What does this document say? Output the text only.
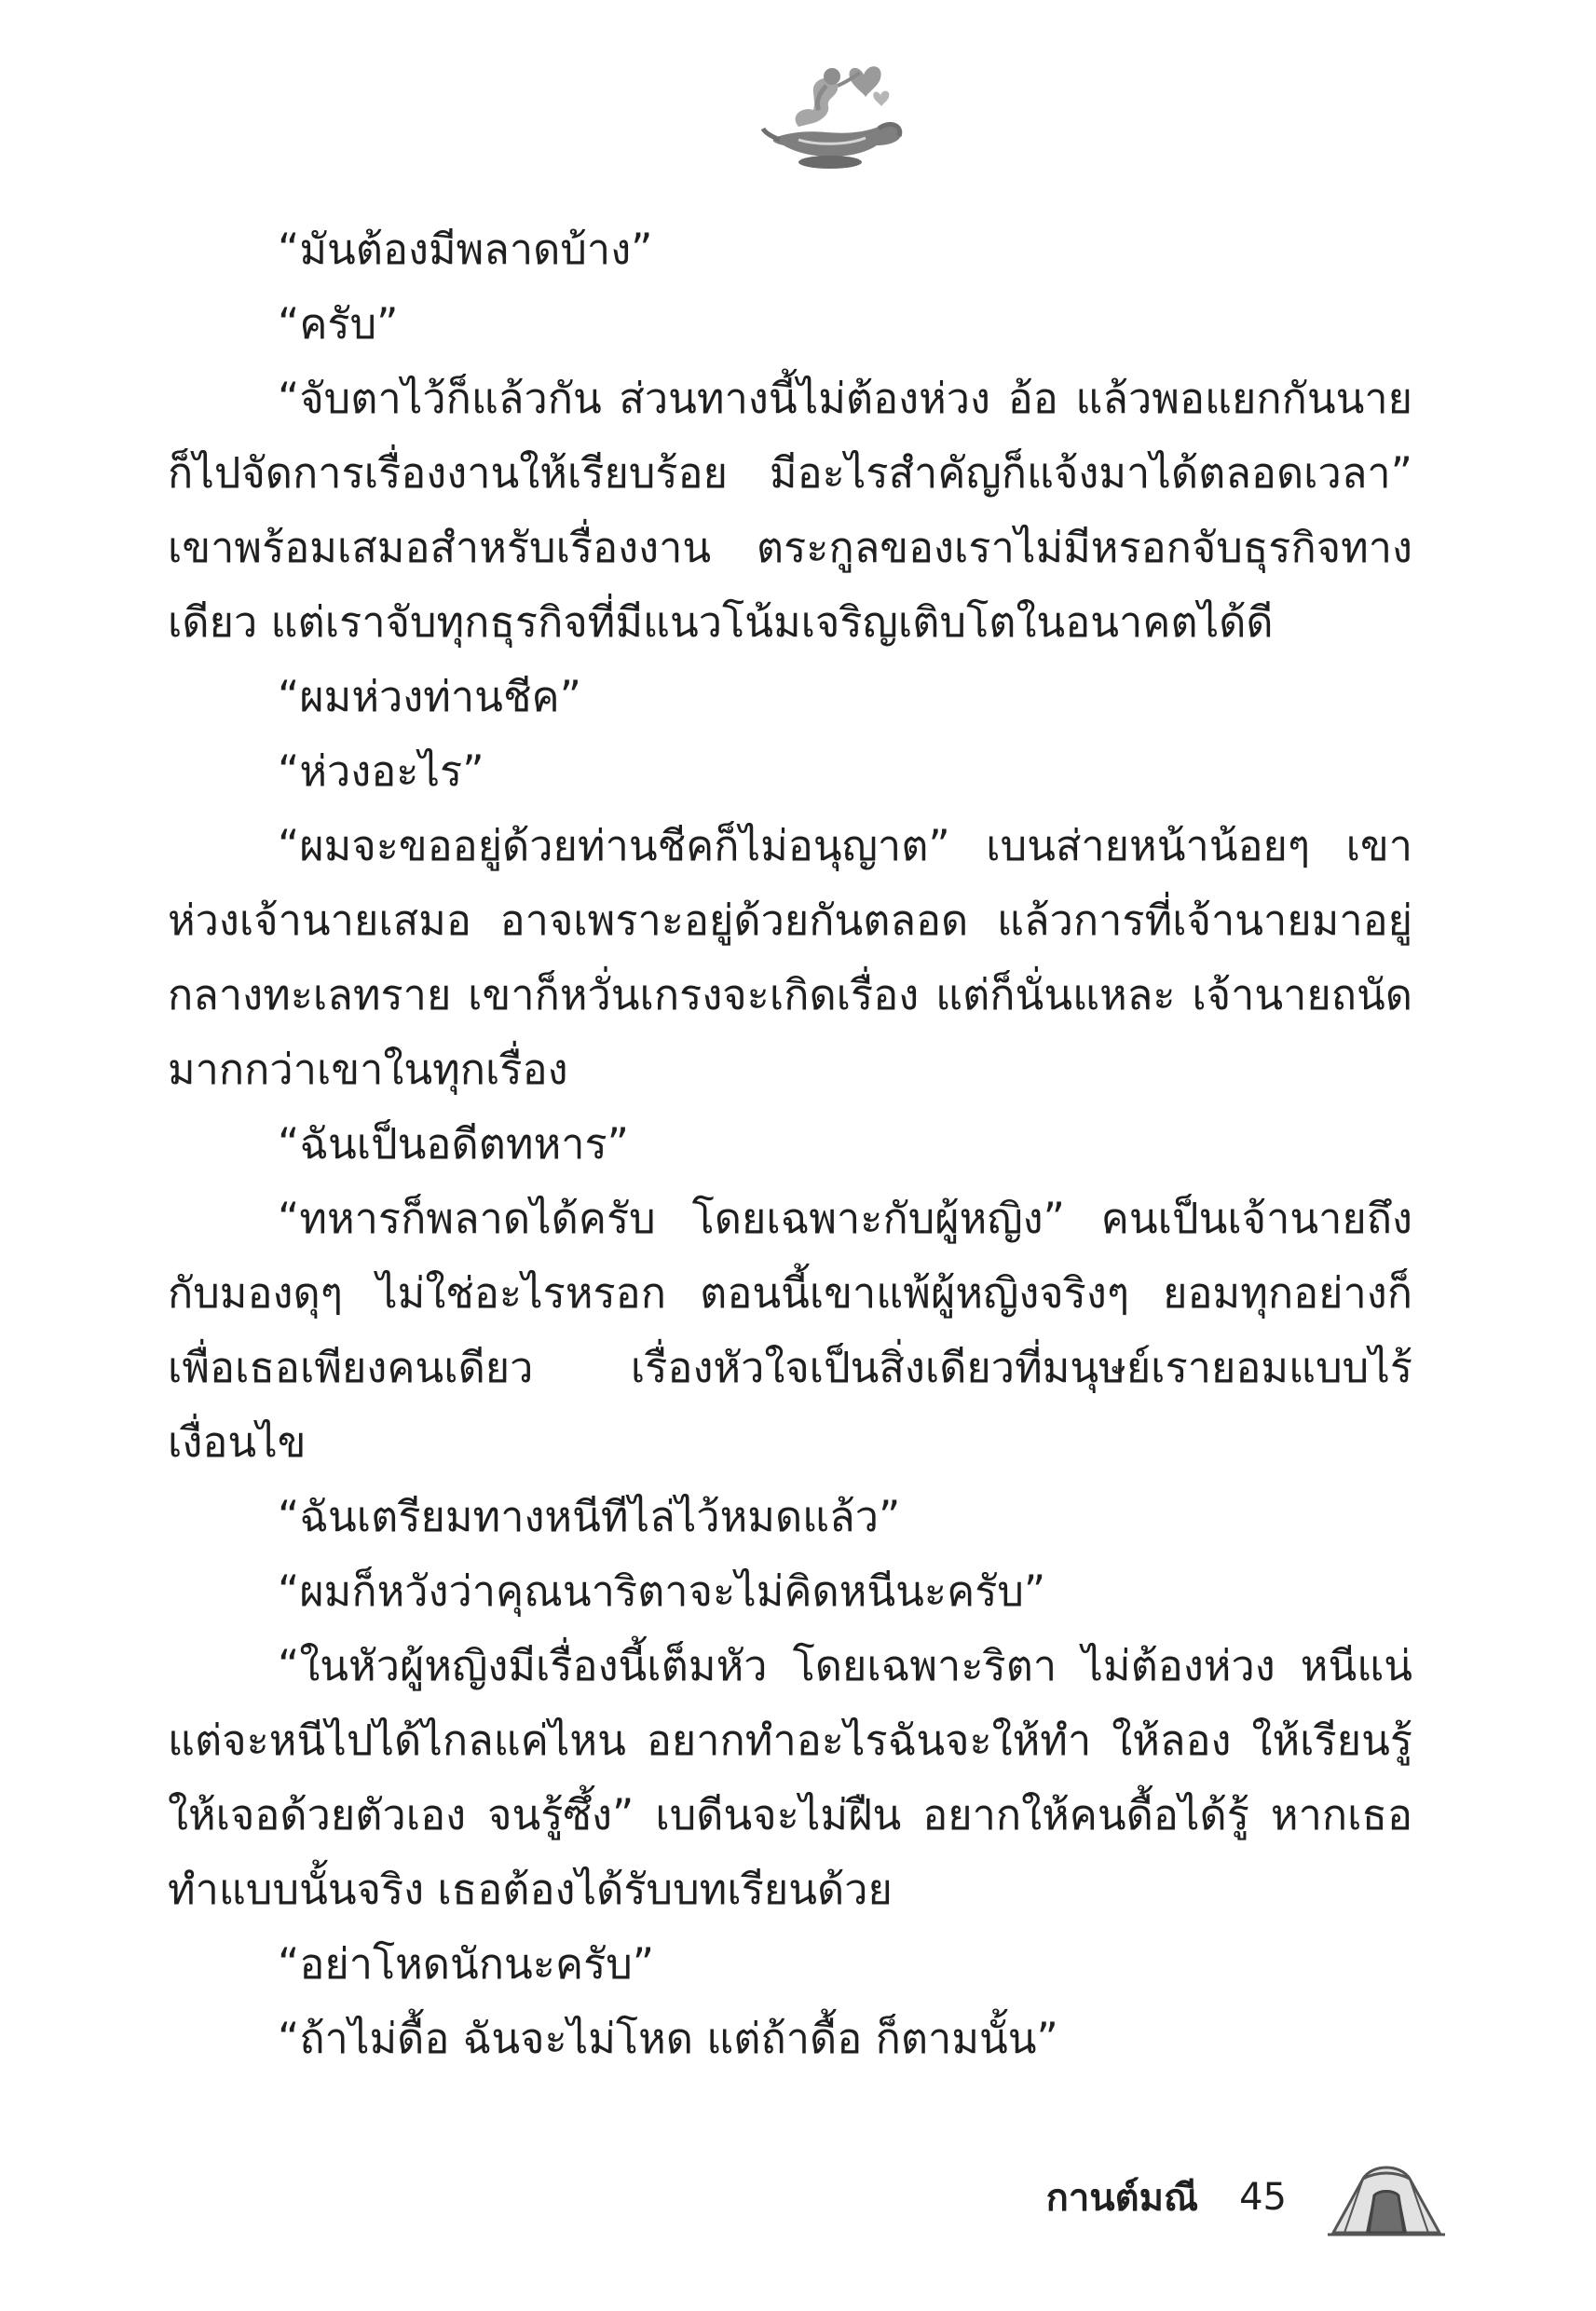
“มันต้องมีพลาดบ้าง”

“ครับ”

“จับตาไว้ก็แล้วกัน ส่วนทางนี้ไม่ต้องห่วง อ้อ แล้วพอแยกกันนายก็ไปจัดการเรื่องงานให้เรียบร้อย มีอะไรสำคัญก็แจ้งมาได้ตลอดเวลา” เขาพร้อมเสมอสำหรับเรื่องงาน ตระกูลของเราไม่มีหรอกจับธุรกิจทางเดียว แต่เราจับทุกธุรกิจที่มีแนวโน้มเจริญเติบโตในอนาคตได้ดี

“ผมห่วงท่านชีค”

“ห่วงอะไร”

“ผมจะขออยู่ด้วยท่านชีคก็ไม่อนุญาต” เบนส่ายหน้าน้อยๆ เขาห่วงเจ้านายเสมอ อาจเพราะอยู่ด้วยกันตลอด แล้วการที่เจ้านายมาอยู่กลางทะเลทราย เขาก็หวั่นเกรงจะเกิดเรื่อง แต่ก็นั่นแหละ เจ้านายถนัดมากกว่าเขาในทุกเรื่อง

“ฉันเป็นอดีตทหาร”

“ทหารก็พลาดได้ครับ โดยเฉพาะกับผู้หญิง” คนเป็นเจ้านายถึงกับมองดุๆ ไม่ใช่อะไรหรอก ตอนนี้เขาแพ้ผู้หญิงจริงๆ ยอมทุกอย่างก็เพื่อเธอเพียงคนเดียว เรื่องหัวใจเป็นสิ่งเดียวที่มนุษย์เรายอมแบบไร้เงื่อนไข

“ฉันเตรียมทางหนีทีไล่ไว้หมดแล้ว”

“ผมก็หวังว่าคุณนาริตาจะไม่คิดหนีนะครับ”

“ในหัวผู้หญิงมีเรื่องนี้เต็มหัว โดยเฉพาะริตา ไม่ต้องห่วง หนีแน่แต่จะหนีไปได้ไกลแค่ไหน อยากทำอะไรฉันจะให้ทำ ให้ลอง ให้เรียนรู้ให้เจอด้วยตัวเอง จนรู้ซึ้ง” เบดีนจะไม่ฝืน อยากให้คนดื้อได้รู้ หากเธอทำแบบนั้นจริง เธอต้องได้รับบทเรียนด้วย

“อย่าโหดนักนะครับ”

“ถ้าไม่ดื้อ ฉันจะไม่โหด แต่ถ้าดื้อ ก็ตามนั้น”

กานต์มณี 45
